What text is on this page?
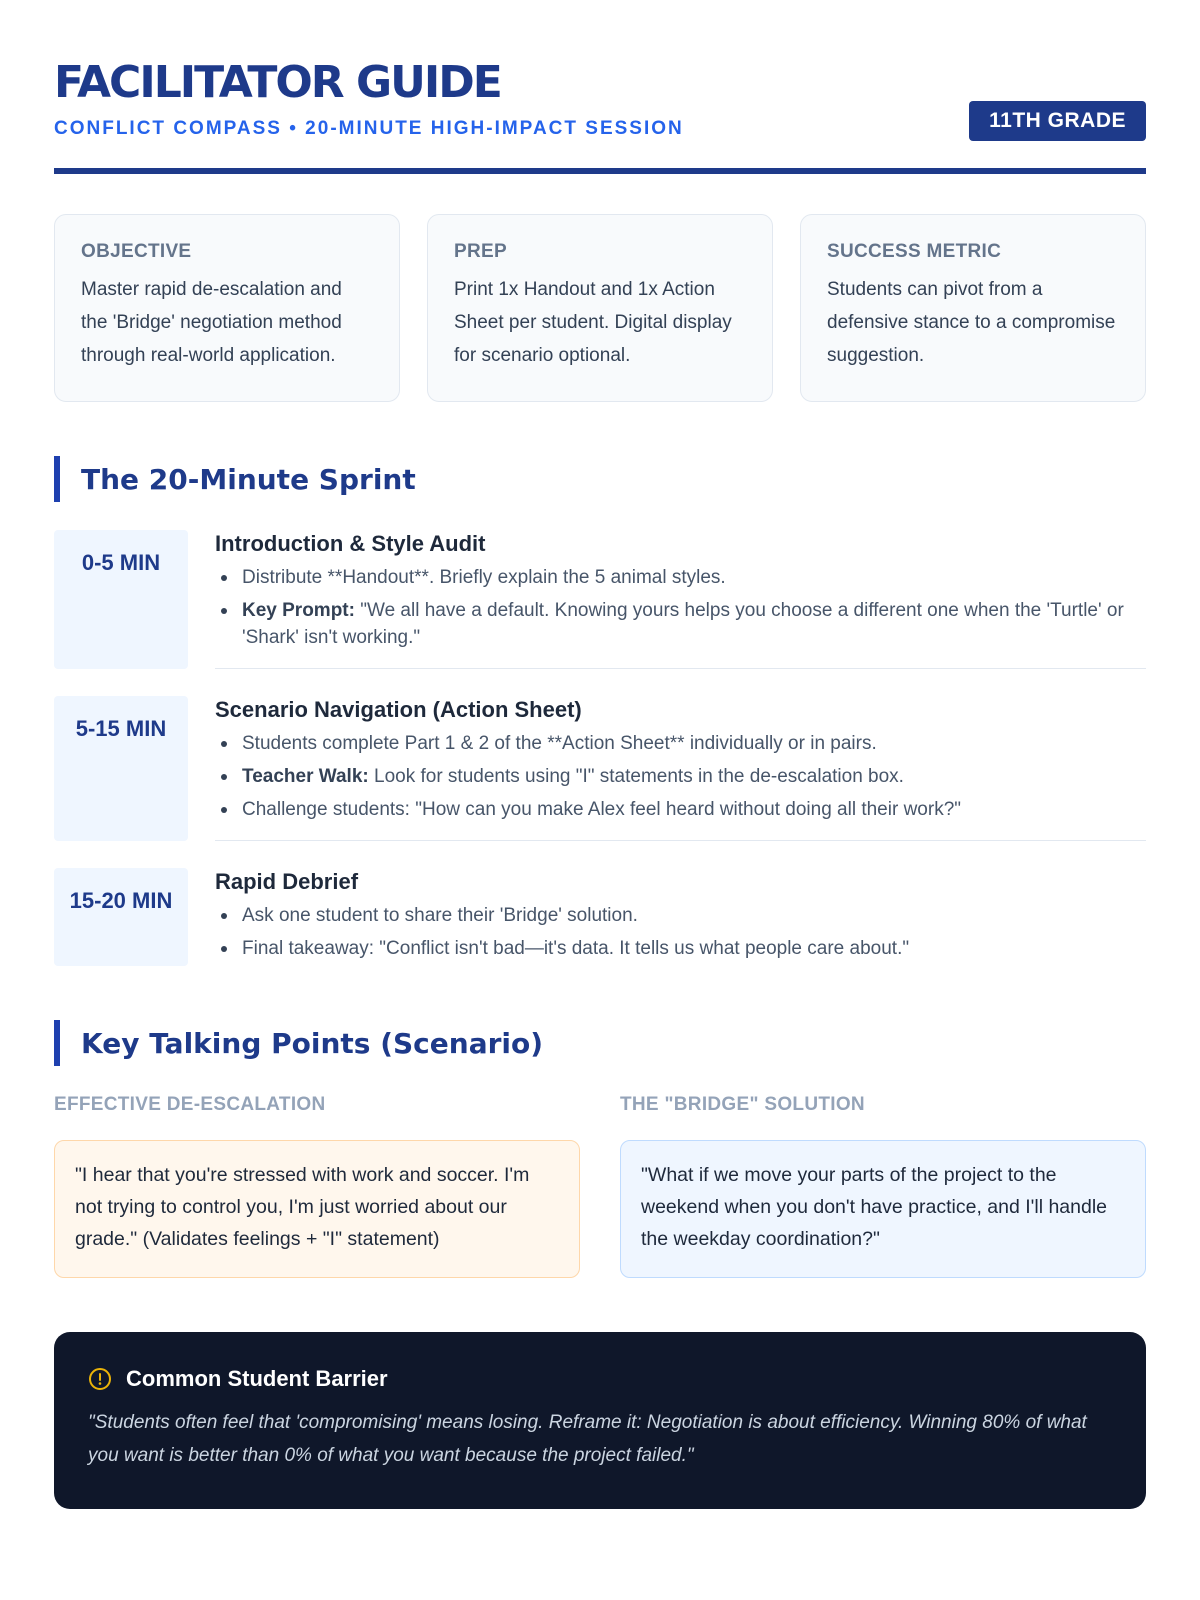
FACILITATOR GUIDE
CONFLICT COMPASS • 20-MINUTE HIGH-IMPACT SESSION	11TH GRADE
OBJECTIVE
Master rapid de-escalation and the 'Bridge' negotiation method through real-world application.
PREP
Print 1x Handout and 1x Action Sheet per student. Digital display for scenario optional.
SUCCESS METRIC
Students can pivot from a defensive stance to a compromise suggestion.
The 20-Minute Sprint
0-5 MIN
Introduction & Style Audit
Distribute **Handout**. Briefly explain the 5 animal styles.
Key Prompt: "We all have a default. Knowing yours helps you choose a different one when the 'Turtle' or 'Shark' isn't working."
5-15 MIN
Scenario Navigation (Action Sheet)
Students complete Part 1 & 2 of the **Action Sheet** individually or in pairs.
Teacher Walk: Look for students using "I" statements in the de-escalation box.
Challenge students: "How can you make Alex feel heard without doing all their work?"
15-20 MIN
Rapid Debrief
Ask one student to share their 'Bridge' solution.
Final takeaway: "Conflict isn't bad—it's data. It tells us what people care about."
Key Talking Points (Scenario)
EFFECTIVE DE-ESCALATION
"I hear that you're stressed with work and soccer. I'm not trying to control you, I'm just worried about our grade." (Validates feelings + "I" statement)
THE "BRIDGE" SOLUTION
"What if we move your parts of the project to the weekend when you don't have practice, and I'll handle the weekday coordination?"
Common Student Barrier
"Students often feel that 'compromising' means losing. Reframe it: Negotiation is about efficiency. Winning 80% of what you want is better than 0% of what you want because the project failed."
